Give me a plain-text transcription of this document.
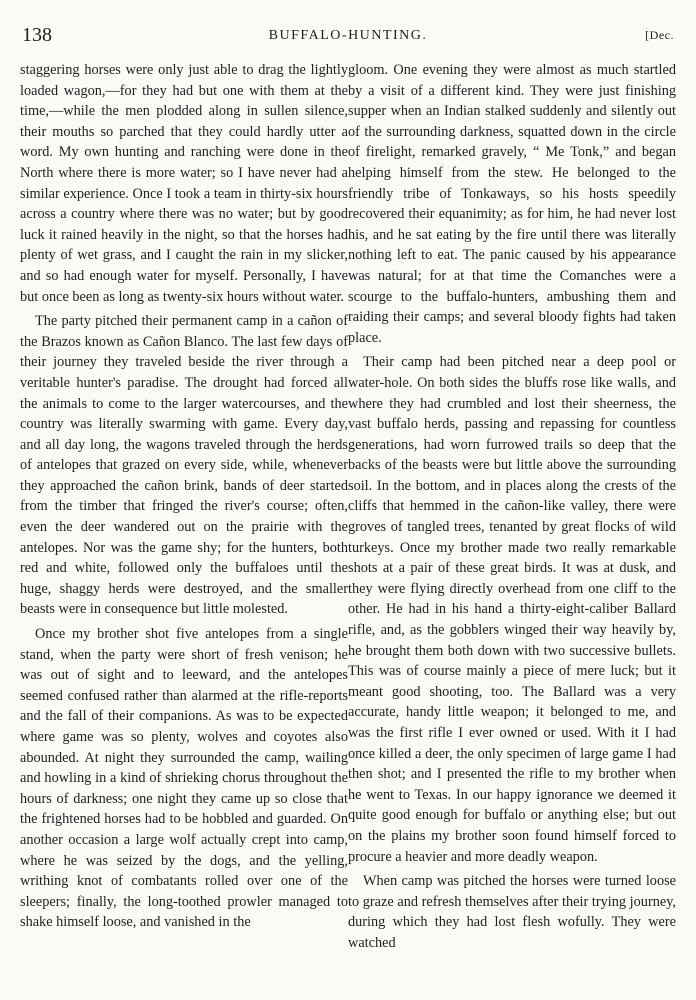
138	BUFFALO-HUNTING.	[Dec.

staggering horses were only just able to drag the lightly loaded wagon,—for they had but one with them at the time,—while the men plodded along in sullen silence, their mouths so parched that they could hardly utter a word. My own hunting and ranching were done in the North where there is more water; so I have never had a similar experience. Once I took a team in thirty-six hours across a country where there was no water; but by good luck it rained heavily in the night, so that the horses had plenty of wet grass, and I caught the rain in my slicker, and so had enough water for myself. Personally, I have but once been as long as twenty-six hours without water.

The party pitched their permanent camp in a cañon of the Brazos known as Cañon Blanco. The last few days of their journey they traveled beside the river through a veritable hunter's paradise. The drought had forced all the animals to come to the larger watercourses, and the country was literally swarming with game. Every day, and all day long, the wagons traveled through the herds of antelopes that grazed on every side, while, whenever they approached the cañon brink, bands of deer started from the timber that fringed the river's course; often, even the deer wandered out on the prairie with the antelopes. Nor was the game shy; for the hunters, both red and white, followed only the buffaloes until the huge, shaggy herds were destroyed, and the smaller beasts were in consequence but little molested.

Once my brother shot five antelopes from a single stand, when the party were short of fresh venison; he was out of sight and to leeward, and the antelopes seemed confused rather than alarmed at the rifle-reports and the fall of their companions. As was to be expected where game was so plenty, wolves and coyotes also abounded. At night they surrounded the camp, wailing and howling in a kind of shrieking chorus throughout the hours of darkness; one night they came up so close that the frightened horses had to be hobbled and guarded. On another occasion a large wolf actually crept into camp, where he was seized by the dogs, and the yelling, writhing knot of combatants rolled over one of the sleepers; finally, the long-toothed prowler managed to shake himself loose, and vanished in the

gloom. One evening they were almost as much startled by a visit of a different kind. They were just finishing supper when an Indian stalked suddenly and silently out of the surrounding darkness, squatted down in the circle of firelight, remarked gravely, “ Me Tonk,” and began helping himself from the stew. He belonged to the friendly tribe of Tonkaways, so his hosts speedily recovered their equanimity; as for him, he had never lost his, and he sat eating by the fire until there was literally nothing left to eat. The panic caused by his appearance was natural; for at that time the Comanches were a scourge to the buffalo-hunters, ambushing them and raiding their camps; and several bloody fights had taken place.

Their camp had been pitched near a deep pool or water-hole. On both sides the bluffs rose like walls, and where they had crumbled and lost their sheerness, the vast buffalo herds, passing and repassing for countless generations, had worn furrowed trails so deep that the backs of the beasts were but little above the surrounding soil. In the bottom, and in places along the crests of the cliffs that hemmed in the cañon-like valley, there were groves of tangled trees, tenanted by great flocks of wild turkeys. Once my brother made two really remarkable shots at a pair of these great birds. It was at dusk, and they were flying directly overhead from one cliff to the other. He had in his hand a thirty-eight-caliber Ballard rifle, and, as the gobblers winged their way heavily by, he brought them both down with two successive bullets. This was of course mainly a piece of mere luck; but it meant good shooting, too. The Ballard was a very accurate, handy little weapon; it belonged to me, and was the first rifle I ever owned or used. With it I had once killed a deer, the only specimen of large game I had then shot; and I presented the rifle to my brother when he went to Texas. In our happy ignorance we deemed it quite good enough for buffalo or anything else; but out on the plains my brother soon found himself forced to procure a heavier and more deadly weapon.

When camp was pitched the horses were turned loose to graze and refresh themselves after their trying journey, during which they had lost flesh wofully. They were watched
